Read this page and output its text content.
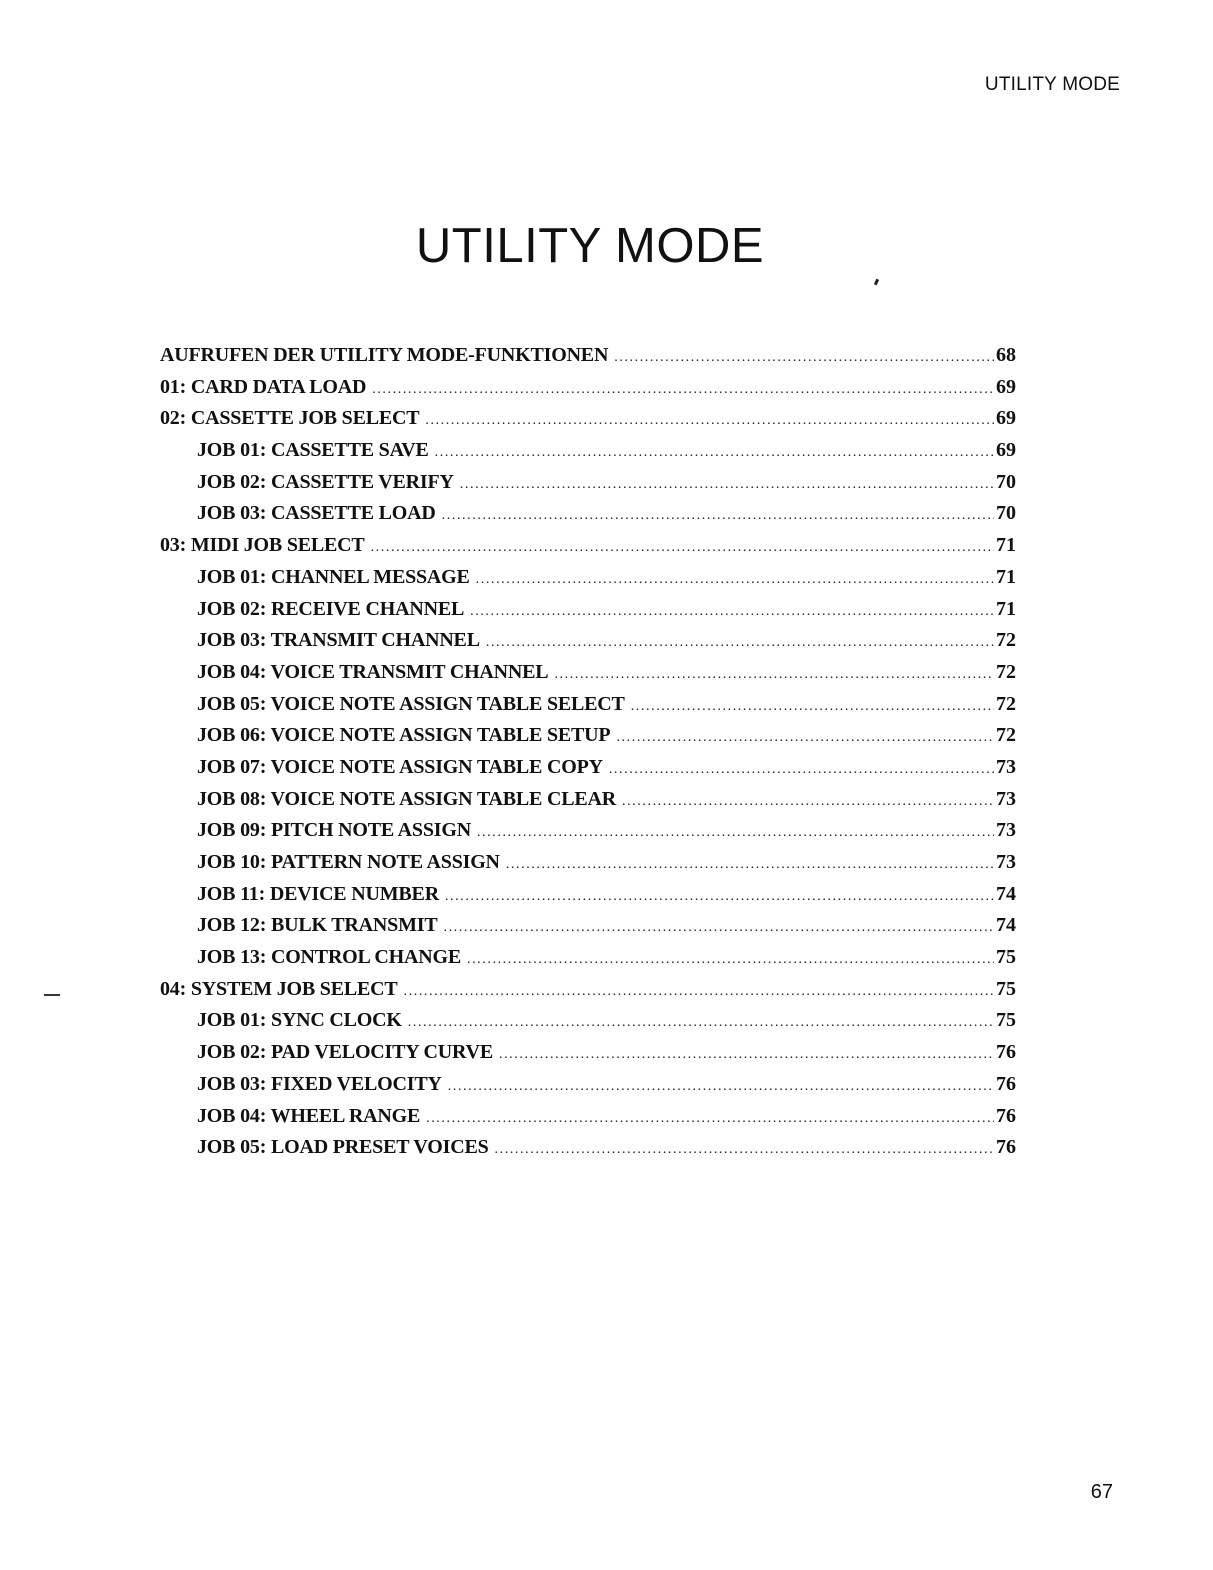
UTILITY MODE
UTILITY MODE
AUFRUFEN DER UTILITY MODE-FUNKTIONEN .....	68
01: CARD DATA LOAD .....	69
02: CASSETTE JOB SELECT .....	69
JOB 01: CASSETTE SAVE .....	69
JOB 02: CASSETTE VERIFY .....	70
JOB 03: CASSETTE LOAD .....	70
03: MIDI JOB SELECT .....	71
JOB 01: CHANNEL MESSAGE .....	71
JOB 02: RECEIVE CHANNEL .....	71
JOB 03: TRANSMIT CHANNEL .....	72
JOB 04: VOICE TRANSMIT CHANNEL .....	72
JOB 05: VOICE NOTE ASSIGN TABLE SELECT .....	72
JOB 06: VOICE NOTE ASSIGN TABLE SETUP .....	72
JOB 07: VOICE NOTE ASSIGN TABLE COPY .....	73
JOB 08: VOICE NOTE ASSIGN TABLE CLEAR .....	73
JOB 09: PITCH NOTE ASSIGN .....	73
JOB 10: PATTERN NOTE ASSIGN .....	73
JOB 11: DEVICE NUMBER .....	74
JOB 12: BULK TRANSMIT .....	74
JOB 13: CONTROL CHANGE .....	75
04: SYSTEM JOB SELECT .....	75
JOB 01: SYNC CLOCK .....	75
JOB 02: PAD VELOCITY CURVE .....	76
JOB 03: FIXED VELOCITY .....	76
JOB 04: WHEEL RANGE .....	76
JOB 05: LOAD PRESET VOICES .....	76
67
